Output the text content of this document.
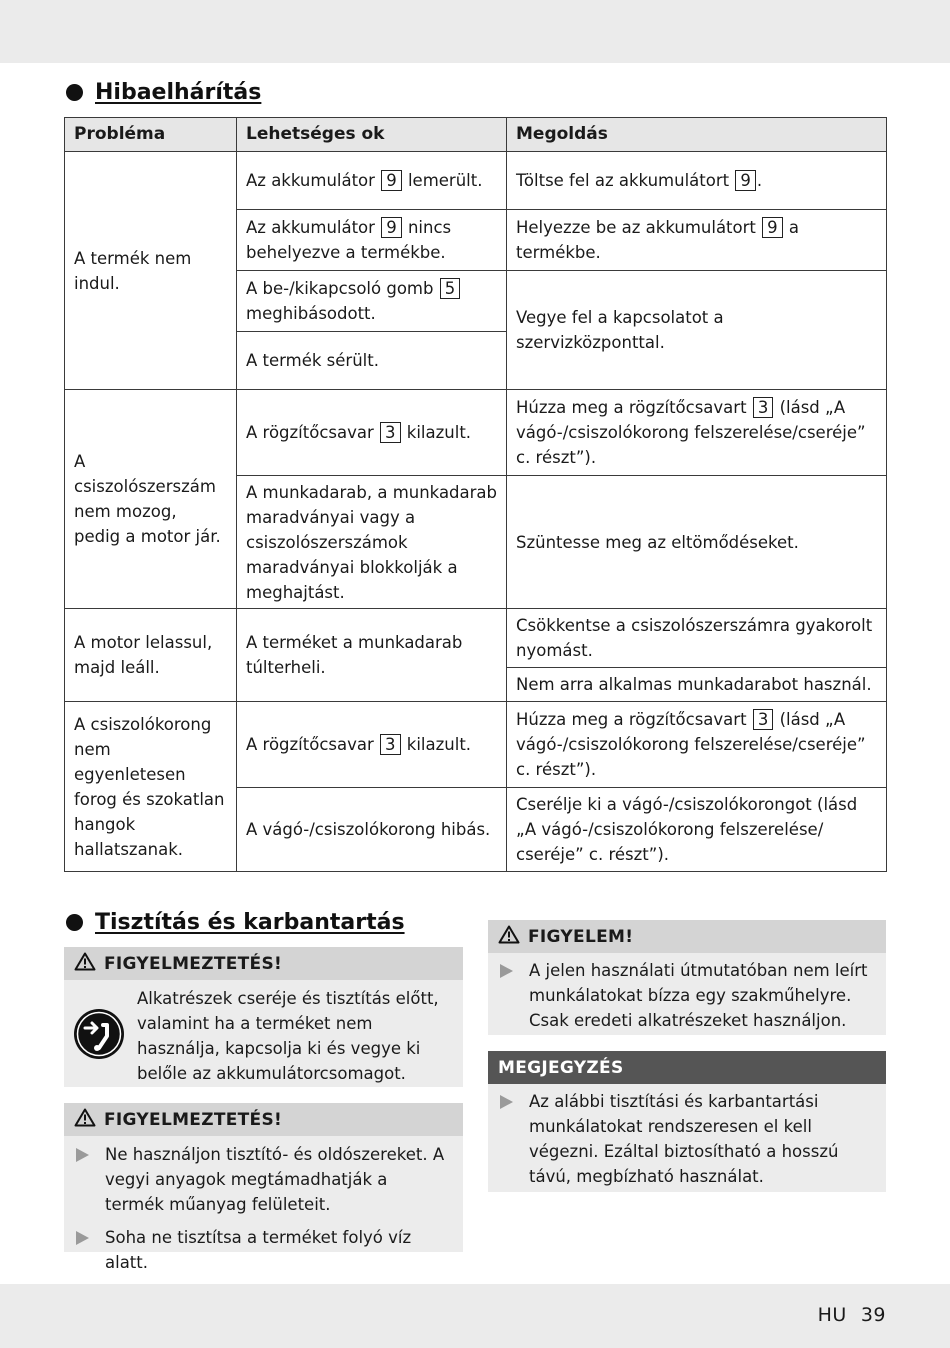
Hibaelhárítás
Probléma	Lehetséges ok	Megoldás
A termék nem indul.	Az akkumulátor 9 lemerült.	Töltse fel az akkumulátort 9 .
	Az akkumulátor 9 nincs behelyezve a termékbe.	Helyezze be az akkumulátort 9 a termékbe.
	A be-/kikapcsoló gomb 5 meghibásodott.	Vegye fel a kapcsolatot a szervizközponttal.
	A termék sérült.	
A csiszolószerszám nem mozog, pedig a motor jár.	A rögzítőcsavar 3 kilazult.	Húzza meg a rögzítőcsavart 3 (lásd „A vágó-/csiszolókorong felszerelése/cseréje” c. részt”).
	A munkadarab, a munkadarab maradványai vagy a csiszolószerszámok maradványai blokkolják a meghajtást.	Szüntesse meg az eltömődéseket.
A motor lelassul, majd leáll.	A terméket a munkadarab túlterheli.	Csökkentse a csiszolószerszámra gyakorolt nyomást.
		Nem arra alkalmas munkadarabot használ.
A csiszolókorong nem egyenletesen forog és szokatlan hangok hallatszanak.	A rögzítőcsavar 3 kilazult.	Húzza meg a rögzítőcsavart 3 (lásd „A vágó-/csiszolókorong felszerelése/cseréje” c. részt”).
	A vágó-/csiszolókorong hibás.	Cserélje ki a vágó-/csiszolókorongot (lásd „A vágó-/csiszolókorong felszerelése/ cseréje” c. részt”).
Tisztítás és karbantartás
FIGYELMEZTETÉS!
Alkatrészek cseréje és tisztítás előtt, valamint ha a terméket nem használja, kapcsolja ki és vegye ki belőle az akkumulátorcsomagot.
FIGYELMEZTETÉS!
Ne használjon tisztító- és oldószereket. A vegyi anyagok megtámadhatják a termék műanyag felületeit.
Soha ne tisztítsa a terméket folyó víz alatt.
FIGYELEM!
A jelen használati útmutatóban nem leírt munkálatokat bízza egy szakműhelyre. Csak eredeti alkatrészeket használjon.
MEGJEGYZÉS
Az alábbi tisztítási és karbantartási munkálatokat rendszeresen el kell végezni. Ezáltal biztosítható a hosszú távú, megbízható használat.
HU 39
